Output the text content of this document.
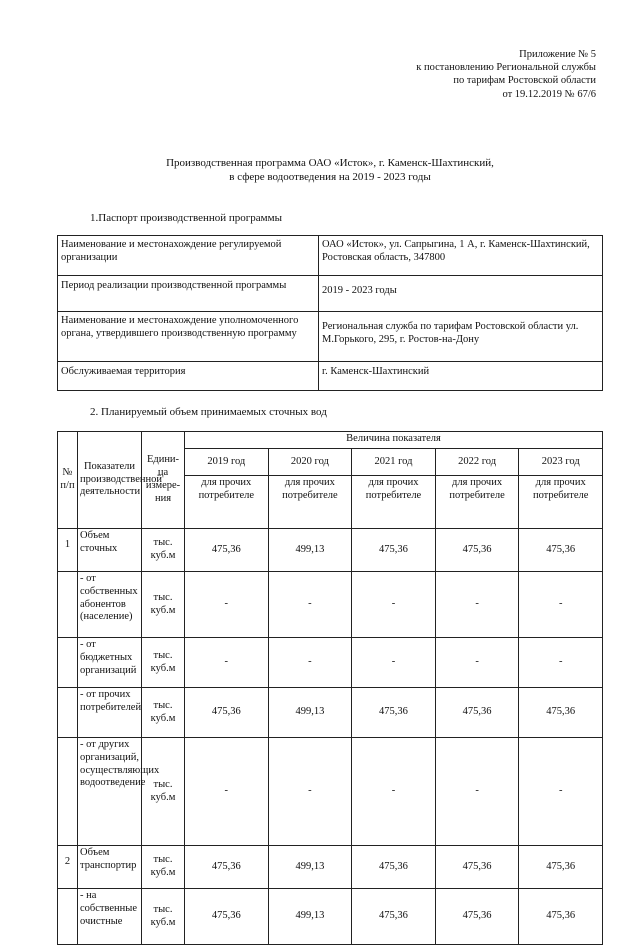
Приложение № 5
к постановлению Региональной службы
по тарифам Ростовской области
от 19.12.2019 № 67/6
Производственная программа ОАО «Исток», г. Каменск-Шахтинский,
в сфере водоотведения на 2019 - 2023 годы
1.Паспорт производственной программы
Наименование и местонахождение регулируемой организации	ОАО «Исток», ул. Сапрыгина, 1 А, г. Каменск-Шахтинский, Ростовская область, 347800
Период реализации производственной программы	2019 - 2023 годы
Наименование и местонахождение уполномоченного органа, утвердившего производственную программу	Региональная служба по тарифам Ростовской области ул. М.Горького, 295, г. Ростов-на-Дону
Обслуживаемая территория	г. Каменск-Шахтинский
2. Планируемый объем принимаемых сточных вод
№ п/п	Показатели производственной деятельности	Едини-ца измере-ния	Величина показателя				
			2019 год	2020 год	2021 год	2022 год	2023 год
			для прочих потребителе	для прочих потребителе	для прочих потребителе	для прочих потребителе	для прочих потребителе
1	Объем сточных	тыс. куб.м	475,36	499,13	475,36	475,36	475,36
	- от собственных абонентов (население)	тыс. куб.м	-	-	-	-	-
	- от бюджетных организаций	тыс. куб.м	-	-	-	-	-
	- от прочих потребителей	тыс. куб.м	475,36	499,13	475,36	475,36	475,36
	- от других организаций, осуществляющих водоотведение	тыс. куб.м	-	-	-	-	-
2	Объем транспортир	тыс. куб.м	475,36	499,13	475,36	475,36	475,36
	- на собственные очистные	тыс. куб.м	475,36	499,13	475,36	475,36	475,36
